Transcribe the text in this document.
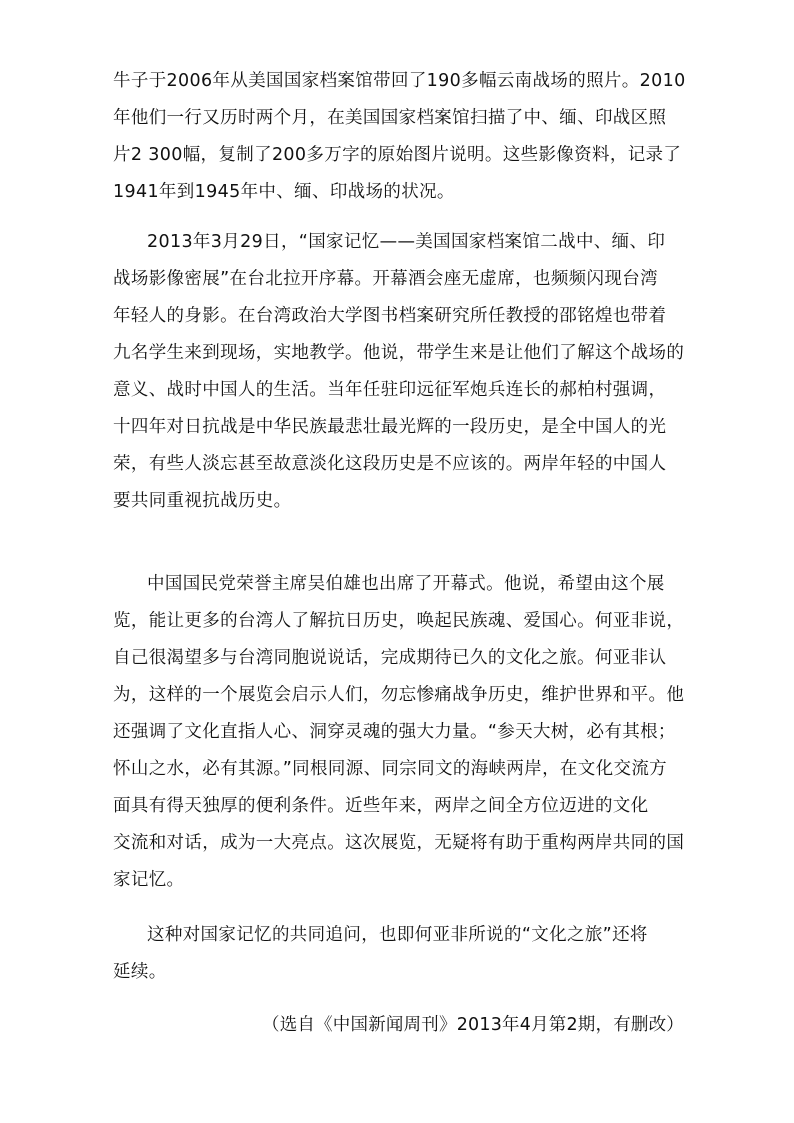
牛子于2006年从美国国家档案馆带回了190多幅云南战场的照片。2010
年他们一行又历时两个月，在美国国家档案馆扫描了中、缅、印战区照
片2 300幅，复制了200多万字的原始图片说明。这些影像资料，记录了
1941年到1945年中、缅、印战场的状况。
2013年3月29日，“国家记忆——美国国家档案馆二战中、缅、印
战场影像密展”在台北拉开序幕。开幕酒会座无虚席，也频频闪现台湾
年轻人的身影。在台湾政治大学图书档案研究所任教授的邵铭煌也带着
九名学生来到现场，实地教学。他说，带学生来是让他们了解这个战场的
意义、战时中国人的生活。当年任驻印远征军炮兵连长的郝柏村强调，
十四年对日抗战是中华民族最悲壮最光辉的一段历史，是全中国人的光
荣，有些人淡忘甚至故意淡化这段历史是不应该的。两岸年轻的中国人
要共同重视抗战历史。
中国国民党荣誉主席吴伯雄也出席了开幕式。他说，希望由这个展
览，能让更多的台湾人了解抗日历史，唤起民族魂、爱国心。何亚非说，
自己很渴望多与台湾同胞说说话，完成期待已久的文化之旅。何亚非认
为，这样的一个展览会启示人们，勿忘惨痛战争历史，维护世界和平。他
还强调了文化直指人心、洞穿灵魂的强大力量。“参天大树，必有其根；
怀山之水，必有其源。”同根同源、同宗同文的海峡两岸，在文化交流方
面具有得天独厚的便利条件。近些年来，两岸之间全方位迈进的文化
交流和对话，成为一大亮点。这次展览，无疑将有助于重构两岸共同的国
家记忆。
这种对国家记忆的共同追问，也即何亚非所说的“文化之旅”还将
延续。
（选自《中国新闻周刊》2013年4月第2期，有删改）
